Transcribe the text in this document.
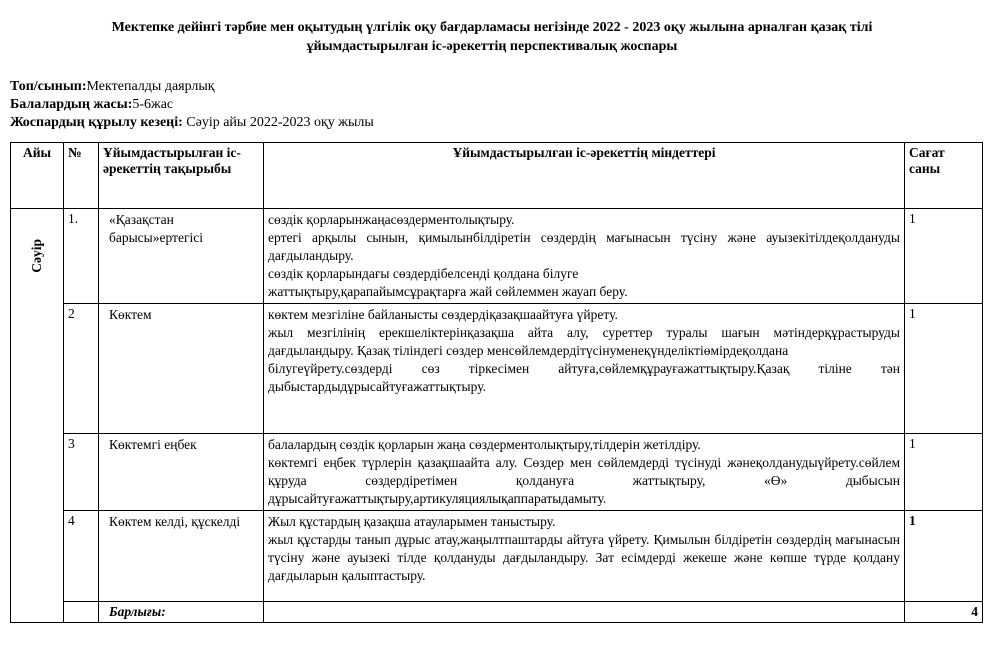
Мектепке дейінгі тәрбие мен оқытудың үлгілік оқу бағдарламасы негізінде 2022 - 2023 оқу жылына арналған қазақ тілі
ұйымдастырылған іс-әрекеттің перспективалық жоспары
Топ/сынып:Мектепалды даярлық
Балалардың жасы:5-6жас
Жоспардың құрылу кезеңі: Сәуір айы 2022-2023 оқу жылы
Айы	№	Ұйымдастырылған іс-әрекеттің тақырыбы	Ұйымдастырылған іс-әрекеттің міндеттері	Сағат саны
Сәуір	1.	«Қазақстан барысы»ертегісі	сөздік қорларынжаңасөздерментолықтыру.
ертегі арқылы сынын, қимылынбілдіретін сөздердің мағынасын түсіну және ауызекітілдеқолдануды дағдыландыру.
сөздік қорларындағы сөздердібелсенді қолдана білуге
жаттықтыру,қарапайымсұрақтарға жай сөйлеммен жауап беру.	1
	2	Көктем	көктем мезгіліне байланысты сөздердіқазақшаайтуға үйрету.
жыл мезгілінің ерекшеліктерінқазақша айта алу, суреттер туралы шағын мәтіндерқұрастыруды дағдыландыру. Қазақ тіліндегі сөздер менсөйлемдердітүсінуменеқүнделіктіөмірдеқолдана
білугеүйрету.сөздерді сөз тіркесімен айтуға,сөйлемқұрауғажаттықтыру.Қазақ тіліне тән дыбыстардыдұрысайтуғажаттықтыру.	1
	3	Көктемгі еңбек	балалардың сөздік қорларын жаңа сөздерментолықтыру,тілдерін жетілдіру.
көктемгі еңбек түрлерін қазақшаайта алу. Сөздер мен сөйлемдерді түсінуді жәнеқолданудыүйрету.сөйлем құруда сөздердіретімен қолдануға жаттықтыру, «Ө» дыбысын дұрысайтуғажаттықтыру,артикуляциялықаппаратыдамыту.	1
	4	Көктем келді, құскелді	Жыл құстардың қазақша атауларымен таныстыру.
жыл құстарды танып дұрыс атау,жаңылтпаштарды айтуға үйрету. Қимылын білдіретін сөздердің мағынасын түсіну және ауызекі тілде қолдануды дағдыландыру. Зат есімдерді жекеше және көпше түрде қолдану дағдыларын қалыптастыру.	1
		Барлығы:		4
